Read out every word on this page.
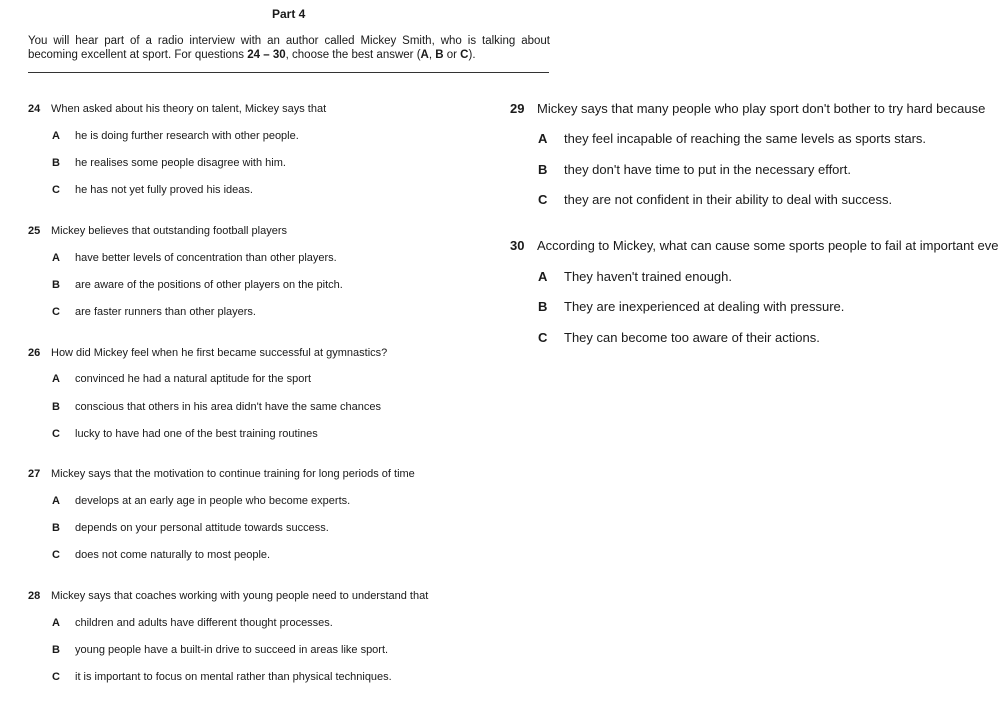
Part 4
You will hear part of a radio interview with an author called Mickey Smith, who is talking about becoming excellent at sport. For questions 24 – 30, choose the best answer (A, B or C).
24 When asked about his theory on talent, Mickey says that
A he is doing further research with other people.
B he realises some people disagree with him.
C he has not yet fully proved his ideas.
25 Mickey believes that outstanding football players
A have better levels of concentration than other players.
B are aware of the positions of other players on the pitch.
C are faster runners than other players.
26 How did Mickey feel when he first became successful at gymnastics?
A convinced he had a natural aptitude for the sport
B conscious that others in his area didn't have the same chances
C lucky to have had one of the best training routines
27 Mickey says that the motivation to continue training for long periods of time
A develops at an early age in people who become experts.
B depends on your personal attitude towards success.
C does not come naturally to most people.
28 Mickey says that coaches working with young people need to understand that
A children and adults have different thought processes.
B young people have a built-in drive to succeed in areas like sport.
C it is important to focus on mental rather than physical techniques.
29 Mickey says that many people who play sport don't bother to try hard because
A they feel incapable of reaching the same levels as sports stars.
B they don't have time to put in the necessary effort.
C they are not confident in their ability to deal with success.
30 According to Mickey, what can cause some sports people to fail at important eve
A They haven't trained enough.
B They are inexperienced at dealing with pressure.
C They can become too aware of their actions.
